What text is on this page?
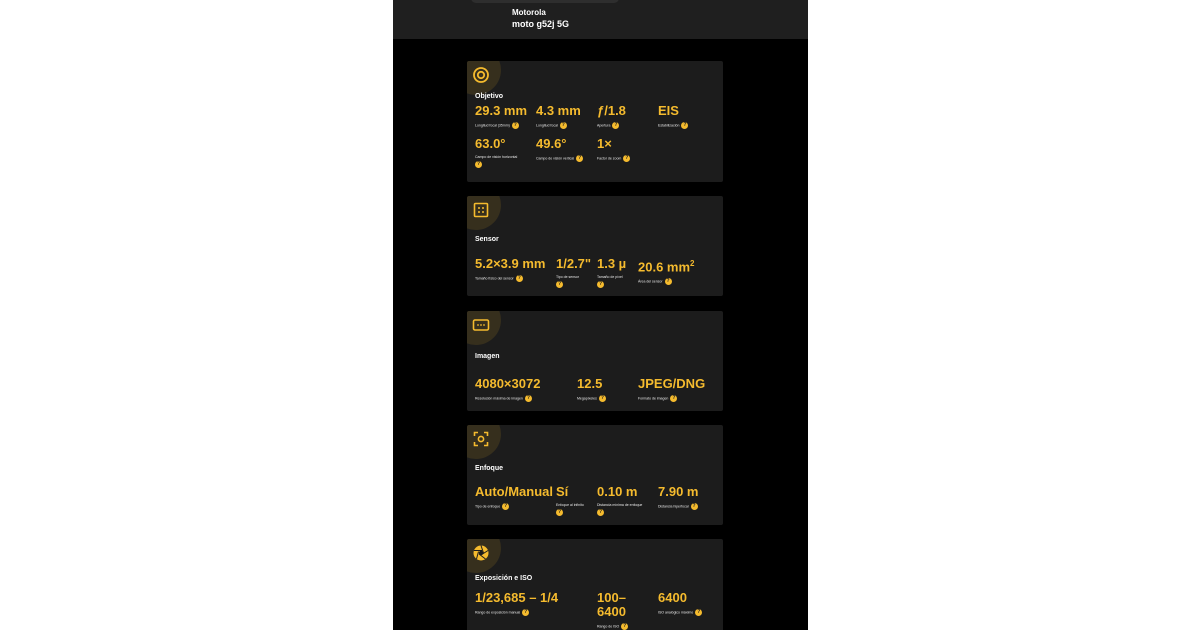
Motorola
moto g52j 5G
Objetivo
29.3 mm
Longitud focal (35mm) ?
4.3 mm
Longitud focal ?
ƒ/1.8
Apertura ?
EIS
Estabilización ?
63.0°
Campo de visión horizontal
?
49.6°
Campo de visión vertical ?
1×
Factor de zoom ?
Sensor
5.2×3.9 mm
Tamaño físico del sensor ?
1/2.7"
Tipo de sensor
?
1.3 µ
Tamaño de píxel
?
20.6 $mm^2$
Área del sensor ?
Imagen
4080×3072
Resolución máxima de imagen ?
12.5
Megapíxeles ?
JPEG/DNG
Formato de imagen ?
Enfoque
Auto/Manual
Tipo de enfoque ?
Sí
Enfoque al infinito
?
0.10 m
Distancia mínima de enfoque
?
7.90 m
Distancia hiperfocal ?
Exposición e ISO
1/23,685 – 1/4
Rango de exposición manual ?
100–6400
Rango de ISO ?
6400
ISO analógico máximo ?
